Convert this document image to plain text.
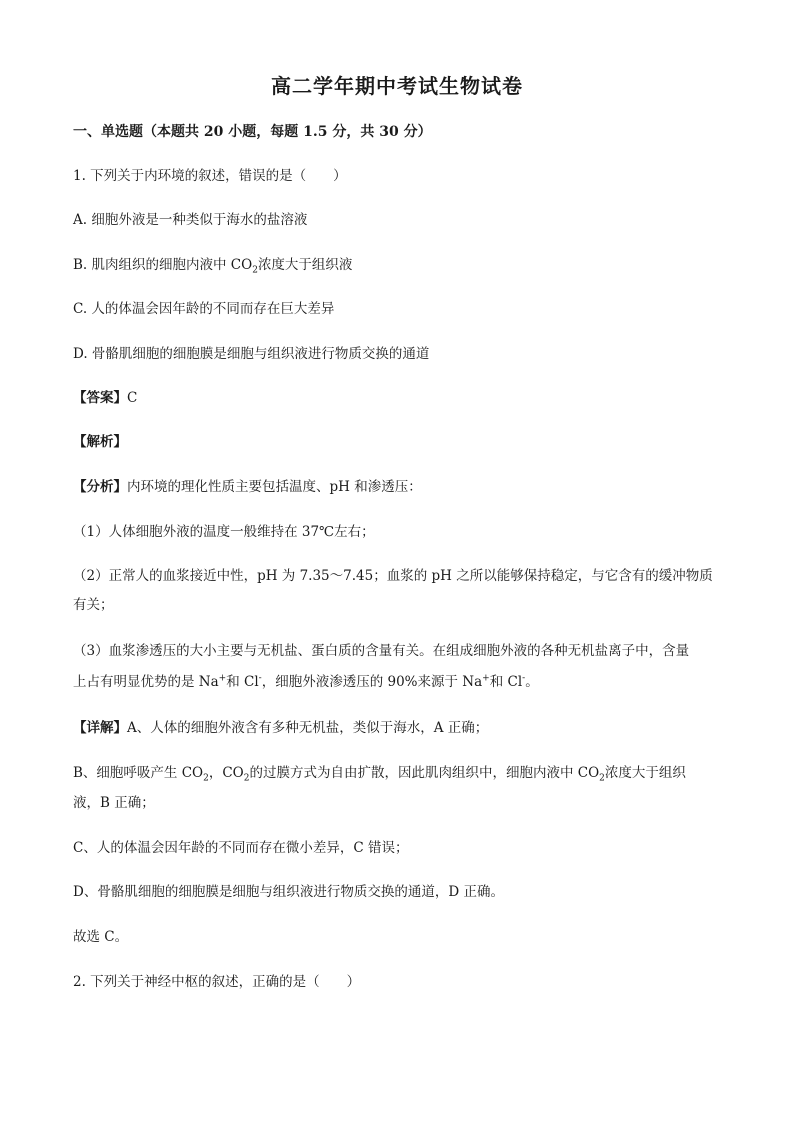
高二学年期中考试生物试卷
一、单选题（本题共 20 小题，每题 1.5 分，共 30 分）
1. 下列关于内环境的叙述，错误的是（　　）
A. 细胞外液是一种类似于海水的盐溶液
B. 肌肉组织的细胞内液中 $CO_2$浓度大于组织液
C. 人的体温会因年龄的不同而存在巨大差异
D. 骨骼肌细胞的细胞膜是细胞与组织液进行物质交换的通道
【答案】C
【解析】
【分析】内环境的理化性质主要包括温度、pH 和渗透压：
（1）人体细胞外液的温度一般维持在 37℃左右；
（2）正常人的血浆接近中性，pH 为 7.35～7.45；血浆的 pH 之所以能够保持稳定，与它含有的缓冲物质
有关；
（3）血浆渗透压的大小主要与无机盐、蛋白质的含量有关。在组成细胞外液的各种无机盐离子中，含量
上占有明显优势的是 Na+和 Cl-，细胞外液渗透压的 90%来源于 Na+和 Cl-。
【详解】A、人体的细胞外液含有多种无机盐，类似于海水，A 正确；
B、细胞呼吸产生 $CO_2$，$CO_2$的过膜方式为自由扩散，因此肌肉组织中，细胞内液中 $CO_2$浓度大于组织
液，B 正确；
C、人的体温会因年龄的不同而存在微小差异，C 错误；
D、骨骼肌细胞的细胞膜是细胞与组织液进行物质交换的通道，D 正确。
故选 C。
2. 下列关于神经中枢的叙述，正确的是（　　）
